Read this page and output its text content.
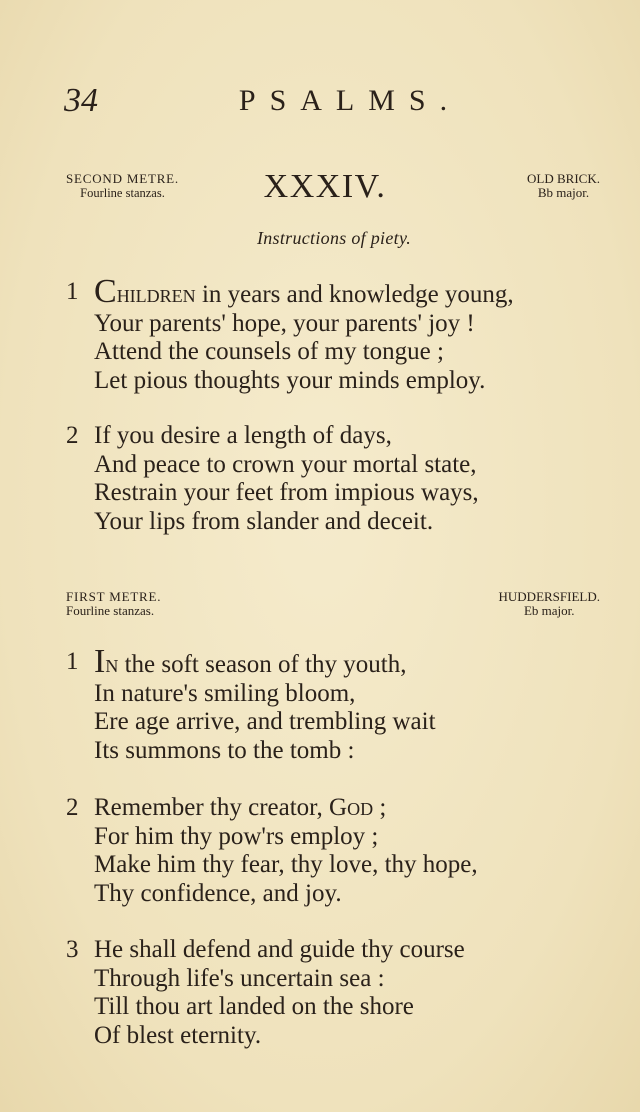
34	PSALMS.
SECOND METRE.
Fourline stanzas.	XXXIV.	OLD BRICK.
Bb major.
Instructions of piety.
1 Children in years and knowledge young,
Your parents' hope, your parents' joy !
Attend the counsels of my tongue ;
Let pious thoughts your minds employ.
2 If you desire a length of days,
And peace to crown your mortal state,
Restrain your feet from impious ways,
Your lips from slander and deceit.
FIRST METRE.
Fourline stanzas.
HUDDERSFIELD.
Eb major.
1 In the soft season of thy youth,
In nature's smiling bloom,
Ere age arrive, and trembling wait
Its summons to the tomb :
2 Remember thy creator, God ;
For him thy pow'rs employ ;
Make him thy fear, thy love, thy hope,
Thy confidence, and joy.
3 He shall defend and guide thy course
Through life's uncertain sea :
Till thou art landed on the shore
Of blest eternity.
